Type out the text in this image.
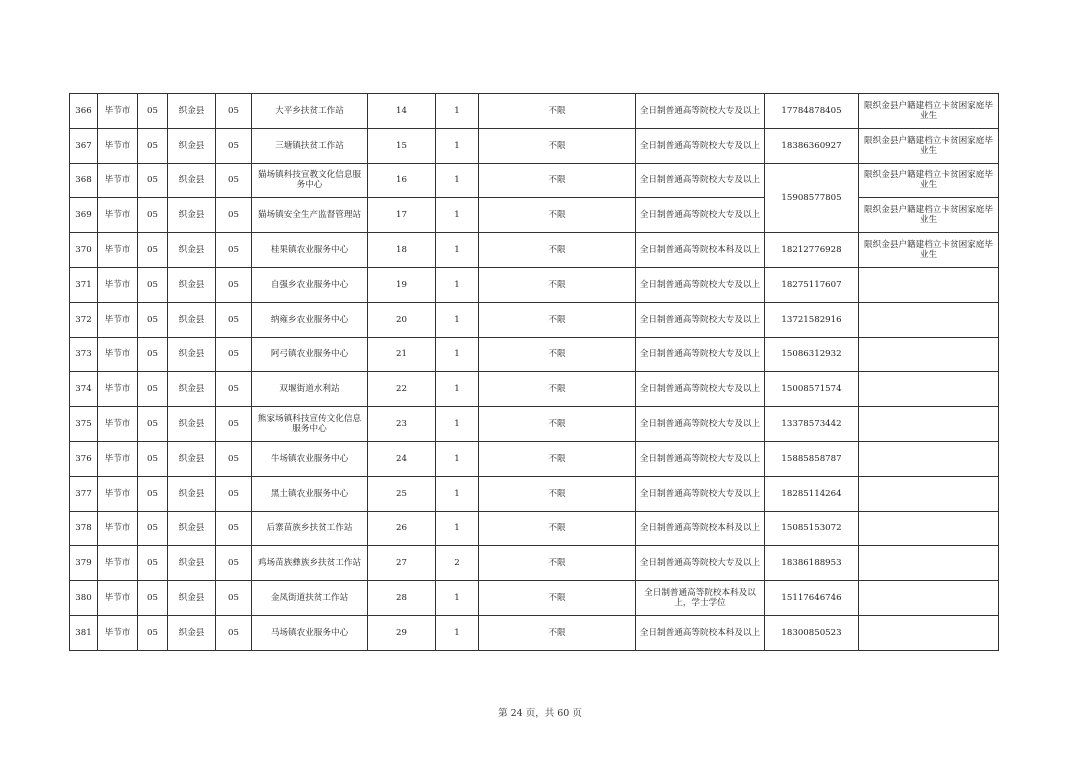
366	毕节市	05	织金县	05	大平乡扶贫工作站	14	1	不限	全日制普通高等院校大专及以上	17784878405	限织金县户籍建档立卡贫困家庭毕业生
367	毕节市	05	织金县	05	三塘镇扶贫工作站	15	1	不限	全日制普通高等院校大专及以上	18386360927	限织金县户籍建档立卡贫困家庭毕业生
368	毕节市	05	织金县	05	猫场镇科技宣教文化信息服务中心	16	1	不限	全日制普通高等院校大专及以上	15908577805	限织金县户籍建档立卡贫困家庭毕业生
369	毕节市	05	织金县	05	猫场镇安全生产监督管理站	17	1	不限	全日制普通高等院校大专及以上		限织金县户籍建档立卡贫困家庭毕业生
370	毕节市	05	织金县	05	桂果镇农业服务中心	18	1	不限	全日制普通高等院校本科及以上	18212776928	限织金县户籍建档立卡贫困家庭毕业生
371	毕节市	05	织金县	05	自强乡农业服务中心	19	1	不限	全日制普通高等院校大专及以上	18275117607	
372	毕节市	05	织金县	05	纳雍乡农业服务中心	20	1	不限	全日制普通高等院校大专及以上	13721582916	
373	毕节市	05	织金县	05	阿弓镇农业服务中心	21	1	不限	全日制普通高等院校大专及以上	15086312932	
374	毕节市	05	织金县	05	双堰街道水利站	22	1	不限	全日制普通高等院校大专及以上	15008571574	
375	毕节市	05	织金县	05	熊家场镇科技宣传文化信息服务中心	23	1	不限	全日制普通高等院校大专及以上	13378573442	
376	毕节市	05	织金县	05	牛场镇农业服务中心	24	1	不限	全日制普通高等院校大专及以上	15885858787	
377	毕节市	05	织金县	05	黑土镇农业服务中心	25	1	不限	全日制普通高等院校大专及以上	18285114264	
378	毕节市	05	织金县	05	后寨苗族乡扶贫工作站	26	1	不限	全日制普通高等院校本科及以上	15085153072	
379	毕节市	05	织金县	05	鸡场苗族彝族乡扶贫工作站	27	2	不限	全日制普通高等院校大专及以上	18386188953	
380	毕节市	05	织金县	05	金凤街道扶贫工作站	28	1	不限	全日制普通高等院校本科及以上，学士学位	15117646746	
381	毕节市	05	织金县	05	马场镇农业服务中心	29	1	不限	全日制普通高等院校本科及以上	18300850523	
第 24 页，共 60 页
